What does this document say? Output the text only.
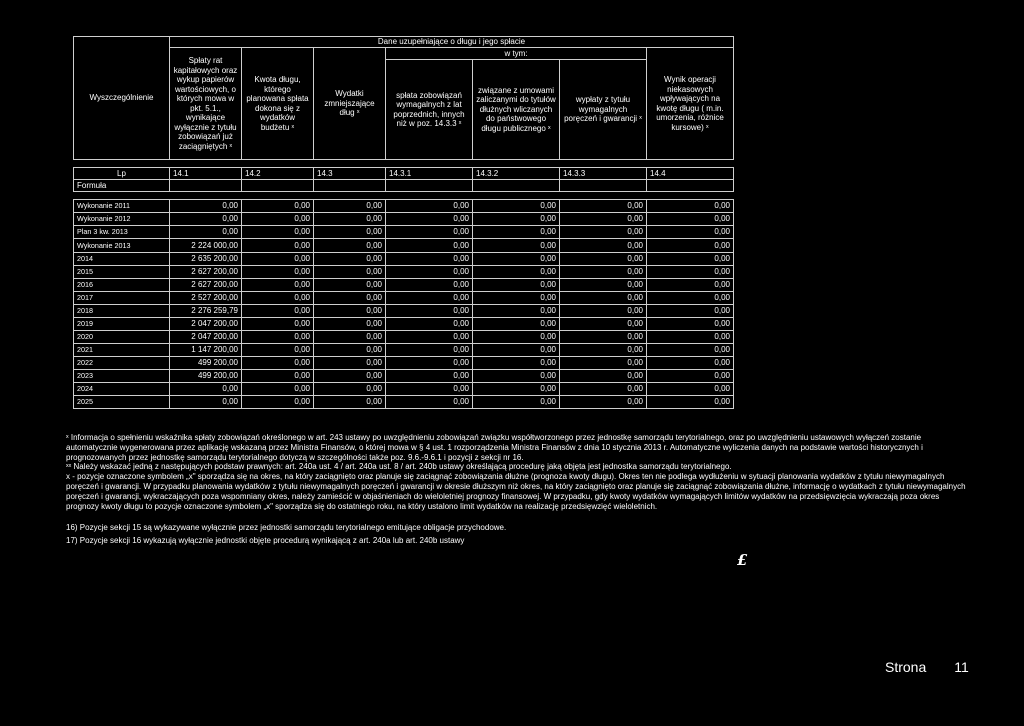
Wyszczególnienie	Dane uzupełniające o długu i jego spłacie						
	Spłaty rat kapitałowych oraz wykup papierów wartościowych, o których mowa w pkt. 5.1., wynikające wyłącznie z tytułu zobowiązań już zaciągniętych ˣ	Kwota długu, którego planowana spłata dokona się z wydatków budżetu ˣ	Wydatki zmniejszające dług ˣ	w tym:			Wynik operacji niekasowych wpływających na kwotę długu ( m.in. umorzenia, różnice kursowe) ˣ
				spłata zobowiązań wymagalnych z lat poprzednich, innych niż w poz. 14.3.3 ˣ	związane z umowami zaliczanymi do tytułów dłużnych wliczanych do państwowego długu publicznego ˣ	wypłaty z tytułu wymagalnych poręczeń i gwarancji ˣ	

Lp	14.1	14.2	14.3	14.3.1	14.3.2	14.3.3	14.4
Formuła							

Wykonanie 2011	0,00	0,00	0,00	0,00	0,00	0,00	0,00
Wykonanie 2012	0,00	0,00	0,00	0,00	0,00	0,00	0,00
Plan 3 kw. 2013	0,00	0,00	0,00	0,00	0,00	0,00	0,00
Wykonanie 2013	2 224 000,00	0,00	0,00	0,00	0,00	0,00	0,00
2014	2 635 200,00	0,00	0,00	0,00	0,00	0,00	0,00
2015	2 627 200,00	0,00	0,00	0,00	0,00	0,00	0,00
2016	2 627 200,00	0,00	0,00	0,00	0,00	0,00	0,00
2017	2 527 200,00	0,00	0,00	0,00	0,00	0,00	0,00
2018	2 276 259,79	0,00	0,00	0,00	0,00	0,00	0,00
2019	2 047 200,00	0,00	0,00	0,00	0,00	0,00	0,00
2020	2 047 200,00	0,00	0,00	0,00	0,00	0,00	0,00
2021	1 147 200,00	0,00	0,00	0,00	0,00	0,00	0,00
2022	499 200,00	0,00	0,00	0,00	0,00	0,00	0,00
2023	499 200,00	0,00	0,00	0,00	0,00	0,00	0,00
2024	0,00	0,00	0,00	0,00	0,00	0,00	0,00
2025	0,00	0,00	0,00	0,00	0,00	0,00	0,00

ˣ Informacja o spełnieniu wskaźnika spłaty zobowiązań określonego w art. 243 ustawy po uwzględnieniu zobowiązań związku współtworzonego przez jednostkę samorządu terytorialnego, oraz po uwzględnieniu ustawowych wyłączeń zostanie automatycznie wygenerowana przez aplikację wskazaną przez Ministra Finansów, o której mowa w § 4 ust. 1 rozporządzenia Ministra Finansów z dnia 10 stycznia 2013 r. Automatyczne wyliczenia danych na podstawie wartości historycznych i prognozowanych przez jednostkę samorządu terytorialnego dotyczą w szczególności także poz. 9.6.-9.6.1 i pozycji z sekcji nr 16.

ˣˣ Należy wskazać jedną z następujących podstaw prawnych: art. 240a ust. 4 / art. 240a ust. 8 / art. 240b ustawy określającą procedurę jaką objęta jest jednostka samorządu terytorialnego.

x - pozycje oznaczone symbolem „x" sporządza się na okres, na który zaciągnięto oraz planuje się zaciągnąć zobowiązania dłużne (prognoza kwoty długu). Okres ten nie podlega wydłużeniu w sytuacji planowania wydatków z tytułu niewymagalnych poręczeń i gwarancji. W przypadku planowania wydatków z tytułu niewymagalnych poręczeń i gwarancji w okresie dłuższym niż okres, na który zaciągnięto oraz planuje się zaciągnąć zobowiązania dłużne, informację o wydatkach z tytułu niewymagalnych poręczeń i gwarancji, wykraczających poza wspomniany okres, należy zamieścić w objaśnieniach do wieloletniej prognozy finansowej. W przypadku, gdy kwoty wydatków wymagających limitów wydatków na przedsięwzięcia wykraczają poza okres prognozy kwoty długu to pozycje oznaczone symbolem „x" sporządza się do ostatniego roku, na który ustalono limit wydatków na realizację przedsięwzięć wieloletnich.

16) Pozycje sekcji 15 są wykazywane wyłącznie przez jednostki samorządu terytorialnego emitujące obligacje przychodowe.

17) Pozycje sekcji 16 wykazują wyłącznie jednostki objęte procedurą wynikającą z art. 240a lub art. 240b ustawy

£
Strona 11
